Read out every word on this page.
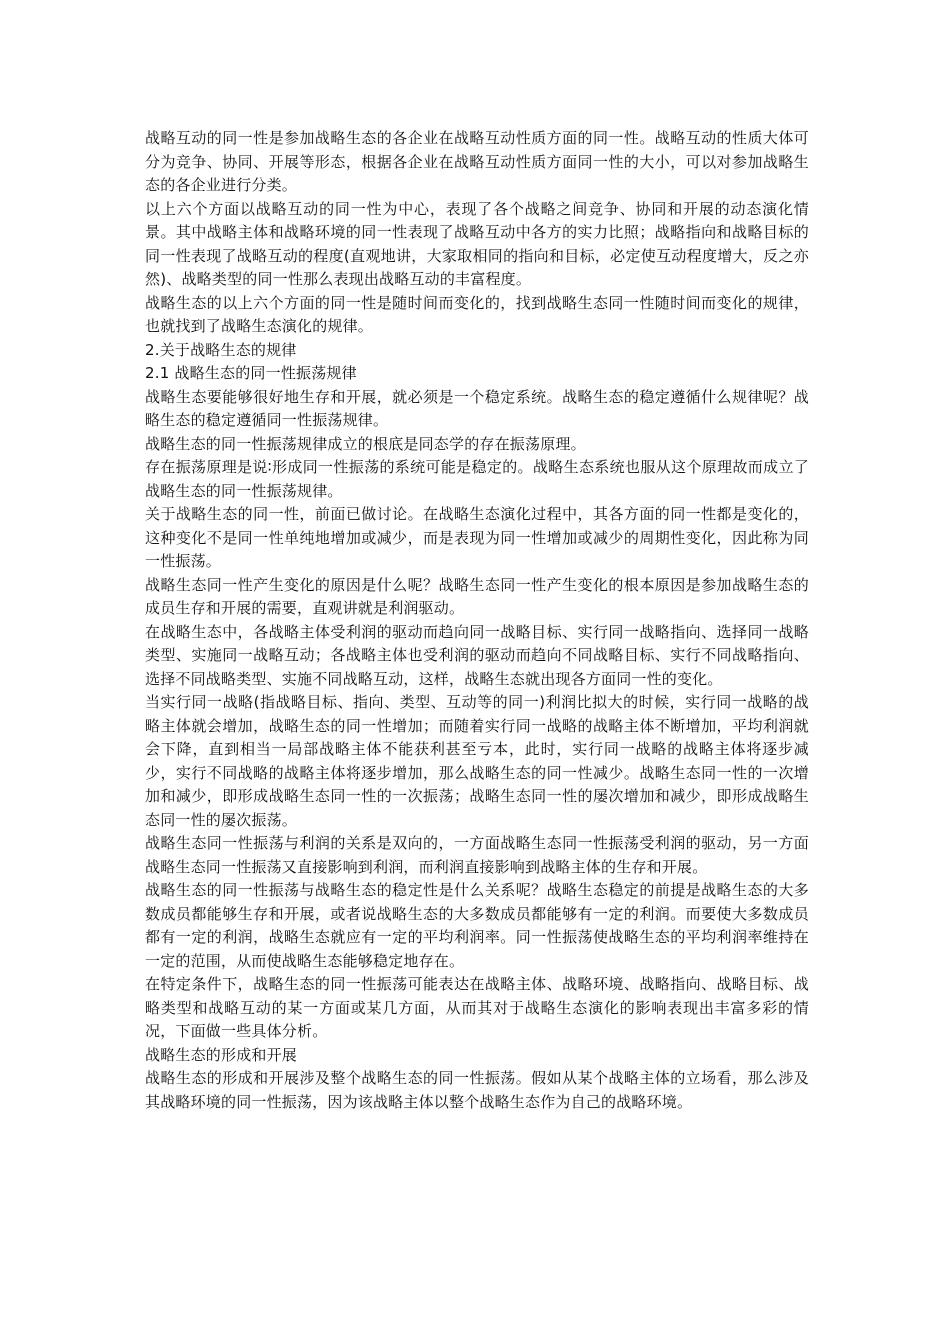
战略互动的同一性是参加战略生态的各企业在战略互动性质方面的同一性。战略互动的性质大体可分为竞争、协同、开展等形态，根据各企业在战略互动性质方面同一性的大小，可以对参加战略生态的各企业进行分类。

以上六个方面以战略互动的同一性为中心，表现了各个战略之间竞争、协同和开展的动态演化情景。其中战略主体和战略环境的同一性表现了战略互动中各方的实力比照；战略指向和战略目标的同一性表现了战略互动的程度(直观地讲，大家取相同的指向和目标，必定使互动程度增大，反之亦然)、战略类型的同一性那么表现出战略互动的丰富程度。

战略生态的以上六个方面的同一性是随时间而变化的，找到战略生态同一性随时间而变化的规律，也就找到了战略生态演化的规律。

2.关于战略生态的规律

2.1 战略生态的同一性振荡规律

战略生态要能够很好地生存和开展，就必须是一个稳定系统。战略生态的稳定遵循什么规律呢？战略生态的稳定遵循同一性振荡规律。

战略生态的同一性振荡规律成立的根底是同态学的存在振荡原理。

存在振荡原理是说∶形成同一性振荡的系统可能是稳定的。战略生态系统也服从这个原理故而成立了战略生态的同一性振荡规律。

关于战略生态的同一性，前面已做讨论。在战略生态演化过程中，其各方面的同一性都是变化的，这种变化不是同一性单纯地增加或减少，而是表现为同一性增加或减少的周期性变化，因此称为同一性振荡。

战略生态同一性产生变化的原因是什么呢？战略生态同一性产生变化的根本原因是参加战略生态的成员生存和开展的需要，直观讲就是利润驱动。

在战略生态中，各战略主体受利润的驱动而趋向同一战略目标、实行同一战略指向、选择同一战略类型、实施同一战略互动；各战略主体也受利润的驱动而趋向不同战略目标、实行不同战略指向、选择不同战略类型、实施不同战略互动，这样，战略生态就出现各方面同一性的变化。

当实行同一战略(指战略目标、指向、类型、互动等的同一)利润比拟大的时候，实行同一战略的战略主体就会增加，战略生态的同一性增加；而随着实行同一战略的战略主体不断增加，平均利润就会下降，直到相当一局部战略主体不能获利甚至亏本，此时，实行同一战略的战略主体将逐步减少，实行不同战略的战略主体将逐步增加，那么战略生态的同一性减少。战略生态同一性的一次增加和减少，即形成战略生态同一性的一次振荡；战略生态同一性的屡次增加和减少，即形成战略生态同一性的屡次振荡。

战略生态同一性振荡与利润的关系是双向的，一方面战略生态同一性振荡受利润的驱动，另一方面战略生态同一性振荡又直接影响到利润，而利润直接影响到战略主体的生存和开展。

战略生态的同一性振荡与战略生态的稳定性是什么关系呢？战略生态稳定的前提是战略生态的大多数成员都能够生存和开展，或者说战略生态的大多数成员都能够有一定的利润。而要使大多数成员都有一定的利润，战略生态就应有一定的平均利润率。同一性振荡使战略生态的平均利润率维持在一定的范围，从而使战略生态能够稳定地存在。

在特定条件下，战略生态的同一性振荡可能表达在战略主体、战略环境、战略指向、战略目标、战略类型和战略互动的某一方面或某几方面，从而其对于战略生态演化的影响表现出丰富多彩的情况，下面做一些具体分析。

战略生态的形成和开展

战略生态的形成和开展涉及整个战略生态的同一性振荡。假如从某个战略主体的立场看，那么涉及其战略环境的同一性振荡，因为该战略主体以整个战略生态作为自己的战略环境。
